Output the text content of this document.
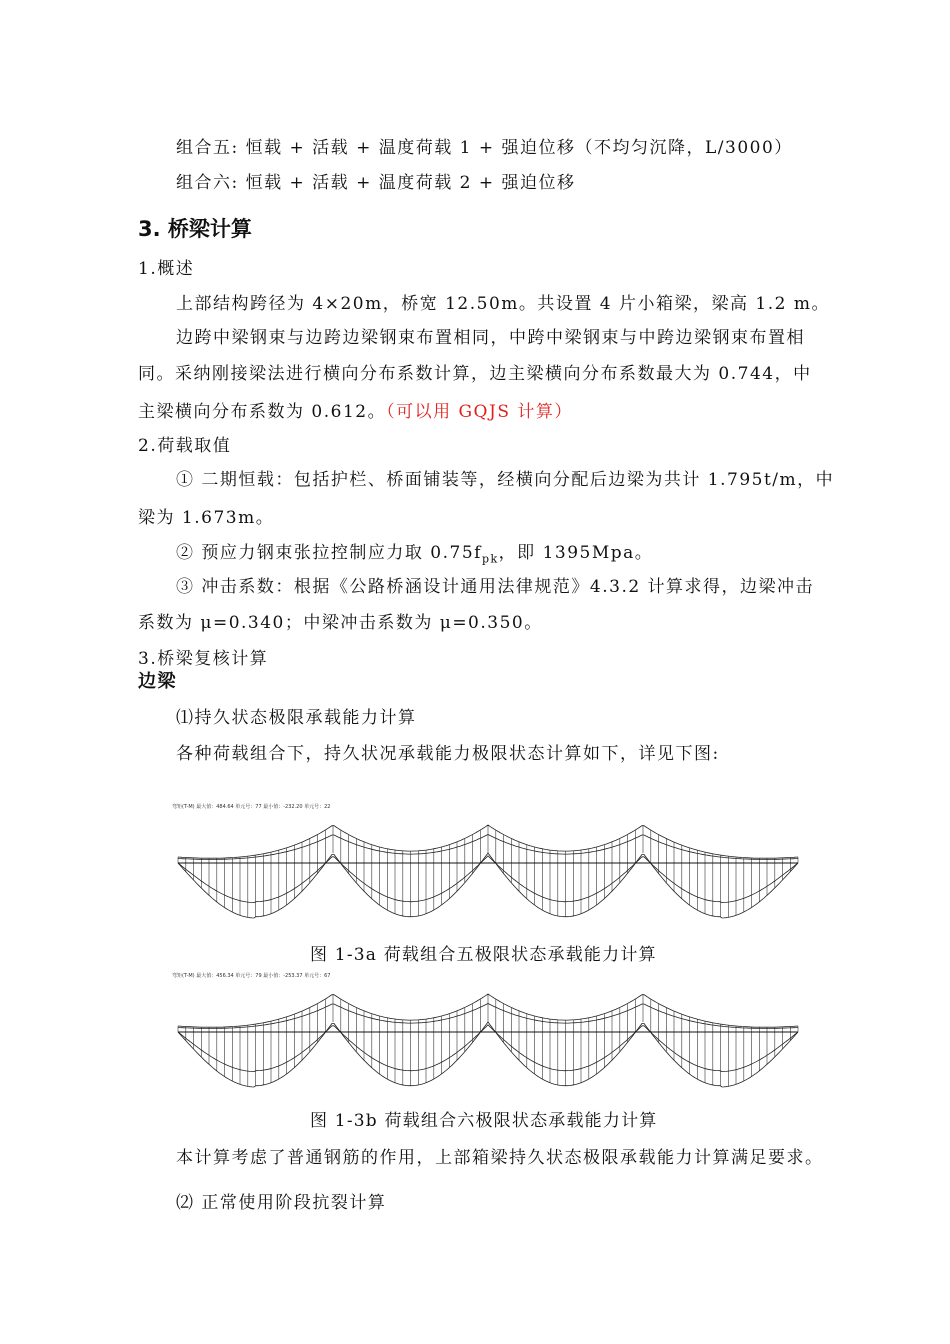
组合五: 恒载 + 活载 + 温度荷载 1 + 强迫位移（不均匀沉降，L/3000）
组合六: 恒载 + 活载 + 温度荷载 2 + 强迫位移
3. 桥梁计算
1.概述
上部结构跨径为 4×20m，桥宽 12.50m。共设置 4 片小箱梁，梁高 1.2 m。
边跨中梁钢束与边跨边梁钢束布置相同，中跨中梁钢束与中跨边梁钢束布置相
同。采纳刚接梁法进行横向分布系数计算，边主梁横向分布系数最大为 0.744，中
主梁横向分布系数为 0.612。（可以用 GQJS 计算）
2.荷载取值
① 二期恒载：包括护栏、桥面铺装等，经横向分配后边梁为共计 1.795t/m，中
梁为 1.673m。
② 预应力钢束张拉控制应力取 $0.75f_{pk}$，即 1395Mpa。
③ 冲击系数：根据《公路桥涵设计通用法律规范》4.3.2 计算求得，边梁冲击
系数为 μ=0.340；中梁冲击系数为 μ=0.350。
3.桥梁复核计算
边梁
⑴持久状态极限承载能力计算
各种荷载组合下，持久状况承载能力极限状态计算如下，详见下图:
弯矩(T-M) 最大值：484.64 单元号：77 最小值：-232.20 单元号：22
图 1-3a 荷载组合五极限状态承载能力计算
弯矩(T-M) 最大值：456.34 单元号：79 最小值：-253.37 单元号：67
图 1-3b 荷载组合六极限状态承载能力计算
本计算考虑了普通钢筋的作用，上部箱梁持久状态极限承载能力计算满足要求。
⑵ 正常使用阶段抗裂计算
